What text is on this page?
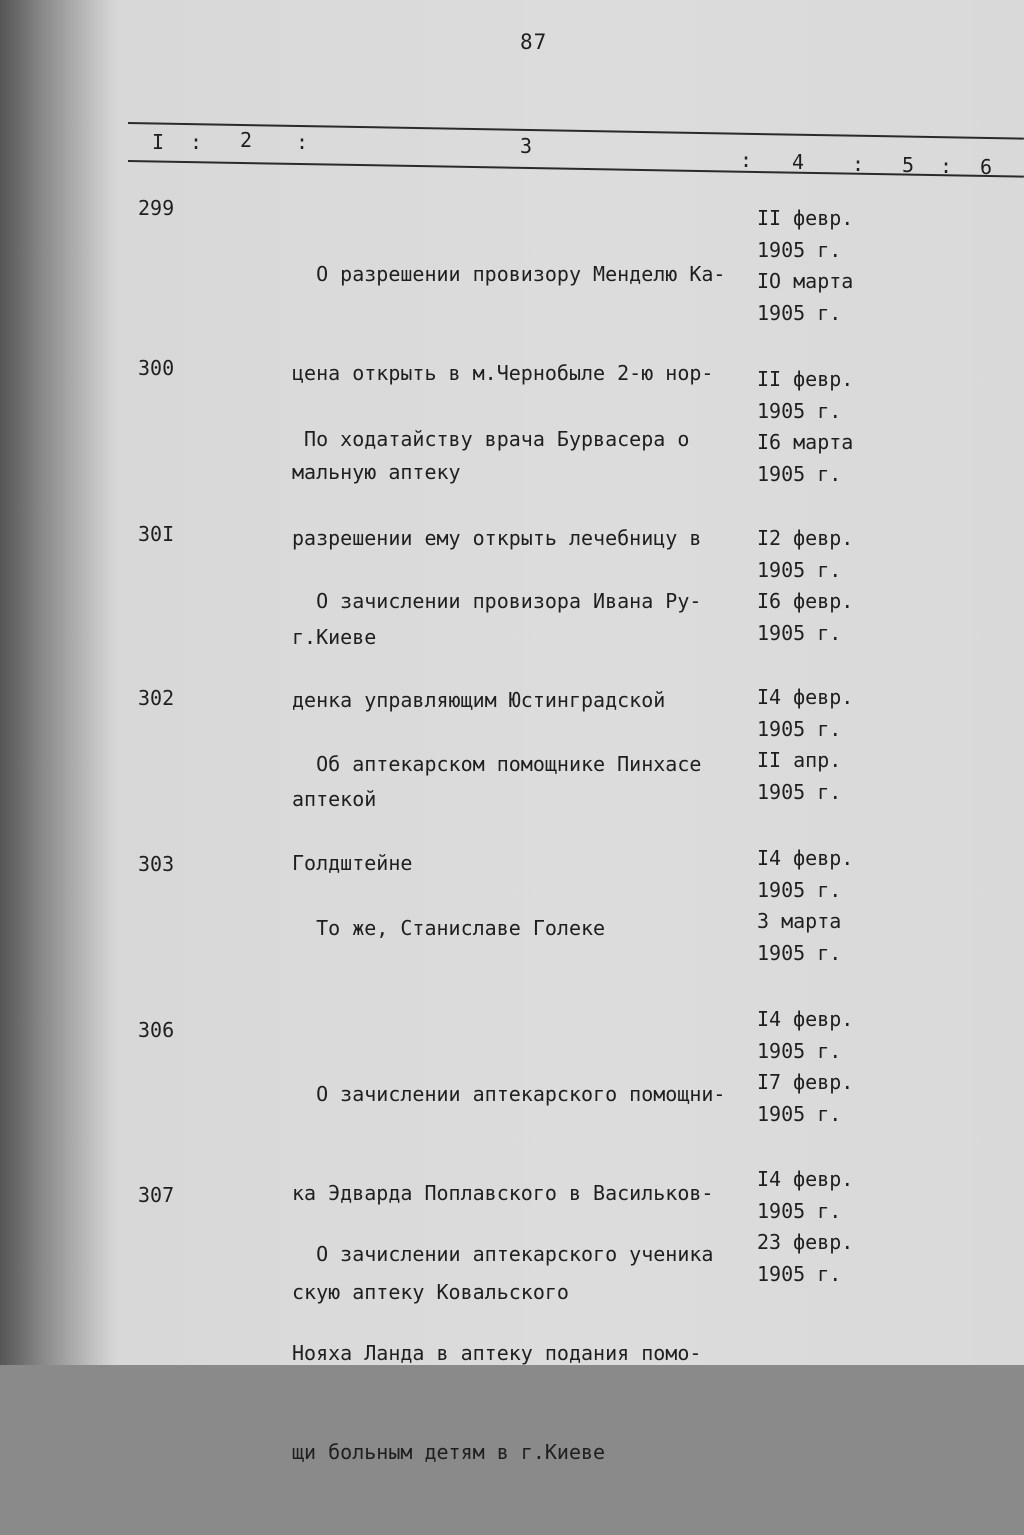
87
I : 2 :	3
: 4 : 5 : 6
299

О разрешении провизору Менделю Ка-

цена открыть в м.Чернобыле 2-ю нор-

мальную аптеку

II февр.
1905 г.
IO марта
1905 г.
300

По ходатайству врача Бурвасера о

разрешении ему открыть лечебницу в

г.Киеве

II февр.
1905 г.
I6 марта
1905 г.
30I

О зачислении провизора Ивана Ру-

денка управляющим Юстинградской

аптекой

I2 февр.
1905 г.
I6 февр.
1905 г.
302

Об аптекарском помощнике Пинхасе

Голдштейне

I4 февр.
1905 г.
II апр.
1905 г.
303

То же, Станиславе Голеке

I4 февр.
1905 г.
3 марта
1905 г.
306

О зачислении аптекарского помощни-

ка Эдварда Поплавского в Васильков-

скую аптеку Ковальского

I4 февр.
1905 г.
I7 февр.
1905 г.
307

О зачислении аптекарского ученика

Нояха Ланда в аптеку подания помо-

щи больным детям в г.Киеве

I4 февр.
1905 г.
23 февр.
1905 г.
